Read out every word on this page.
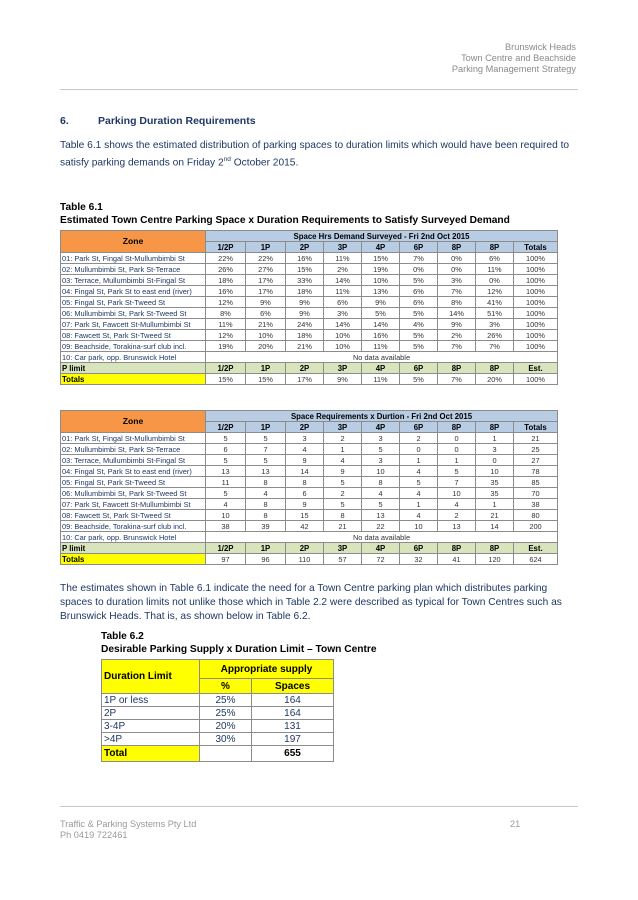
Brunswick Heads
Town Centre and Beachside
Parking Management Strategy
6.	Parking Duration Requirements
Table 6.1 shows the estimated distribution of parking spaces to duration limits which would have been required to satisfy parking demands on Friday 2nd October 2015.
Table 6.1
Estimated Town Centre Parking Space x Duration Requirements to Satisfy Surveyed Demand
Zone	Space Hrs Demand Surveyed - Fri 2nd Oct 2015								
	1/2P	1P	2P	3P	4P	6P	8P	8P	Totals
01: Park St, Fingal St-Mullumbimbi St	22%	22%	16%	11%	15%	7%	0%	6%	100%
02: Mullumbimbi St, Park St-Terrace	26%	27%	15%	2%	19%	0%	0%	11%	100%
03: Terrace, Mullumbimbi St-Fingal St	18%	17%	33%	14%	10%	5%	3%	0%	100%
04: Fingal St, Park St to east end (river)	16%	17%	18%	11%	13%	6%	7%	12%	100%
05: Fingal St, Park St-Tweed St	12%	9%	9%	6%	9%	6%	8%	41%	100%
06: Mullumbimbi St, Park St-Tweed St	8%	6%	9%	3%	5%	5%	14%	51%	100%
07: Park St, Fawcett St-Mullumbimbi St	11%	21%	24%	14%	14%	4%	9%	3%	100%
08: Fawcett St, Park St-Tweed St	12%	10%	18%	10%	16%	5%	2%	26%	100%
09: Beachside, Torakina-surf club incl.	19%	20%	21%	10%	11%	5%	7%	7%	100%
10: Car park, opp. Brunswick Hotel	No data available								
P limit	1/2P	1P	2P	3P	4P	6P	8P	8P	Est.
Totals	15%	15%	17%	9%	11%	5%	7%	20%	100%
Zone	Space Requirements x Durtion - Fri 2nd Oct 2015								
	1/2P	1P	2P	3P	4P	6P	8P	8P	Totals
01: Park St, Fingal St-Mullumbimbi St	5	5	3	2	3	2	0	1	21
02: Mullumbimbi St, Park St-Terrace	6	7	4	1	5	0	0	3	25
03: Terrace, Mullumbimbi St-Fingal St	5	5	9	4	3	1	1	0	27
04: Fingal St, Park St to east end (river)	13	13	14	9	10	4	5	10	78
05: Fingal St, Park St-Tweed St	11	8	8	5	8	5	7	35	85
06: Mullumbimbi St, Park St-Tweed St	5	4	6	2	4	4	10	35	70
07: Park St, Fawcett St-Mullumbimbi St	4	8	9	5	5	1	4	1	38
08: Fawcett St, Park St-Tweed St	10	8	15	8	13	4	2	21	80
09: Beachside, Torakina-surf club incl.	38	39	42	21	22	10	13	14	200
10: Car park, opp. Brunswick Hotel	No data available								
P limit	1/2P	1P	2P	3P	4P	6P	8P	8P	Est.
Totals	97	96	110	57	72	32	41	120	624
The estimates shown in Table 6.1 indicate the need for a Town Centre parking plan which distributes parking spaces to duration limits not unlike those which in Table 2.2 were described as typical for Town Centres such as Brunswick Heads. That is, as shown below in Table 6.2.
Table 6.2
Desirable Parking Supply x Duration Limit – Town Centre
Duration Limit	Appropriate supply	
	%	Spaces
1P or less	25%	164
2P	25%	164
3-4P	20%	131
>4P	30%	197
Total		655
Traffic & Parking Systems Pty Ltd
Ph 0419 722461
21
